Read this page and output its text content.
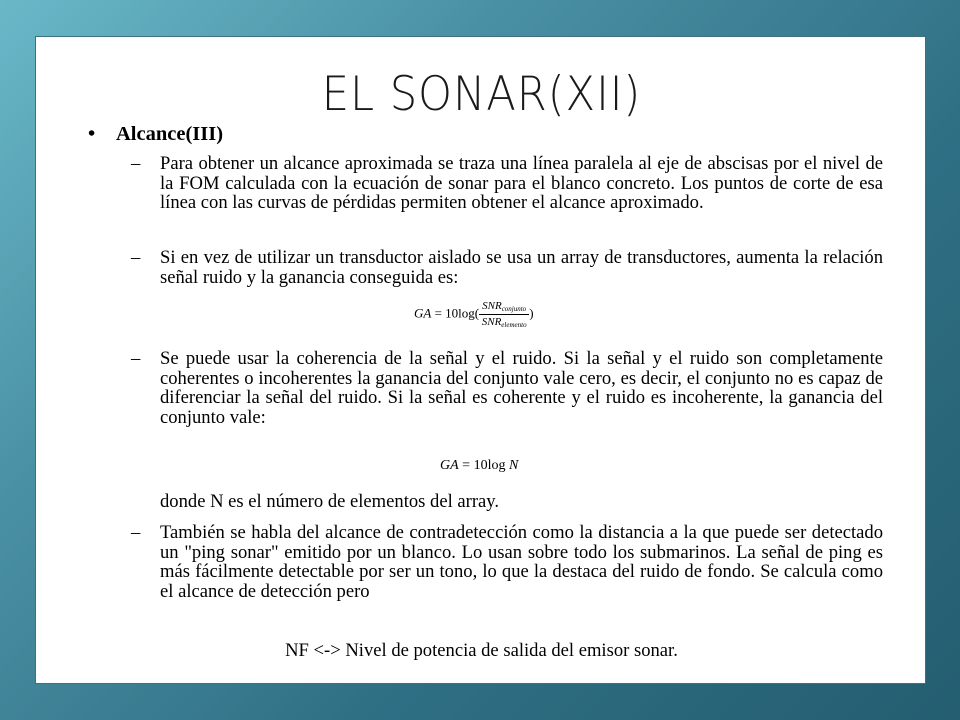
EL SONAR(XII)
• Alcance(III)
–	Para obtener un alcance aproximada se traza una línea paralela al eje de abscisas por el nivel de la FOM calculada con la ecuación de sonar para el blanco concreto. Los puntos de corte de esa línea con las curvas de pérdidas permiten obtener el alcance aproximado.
–	Si en vez de utilizar un transductor aislado se usa un array de transductores, aumenta la relación señal ruido y la ganancia conseguida es:
GA = $10\log( \frac{SNR_{conjunto}}{SNR_{elemento}}$ )
–	Se puede usar la coherencia de la señal y el ruido. Si la señal y el ruido son completamente coherentes o incoherentes la ganancia del conjunto vale cero, es decir, el conjunto no es capaz de diferenciar la señal del ruido. Si la señal es coherente y el ruido es incoherente, la ganancia del conjunto vale:
GA = 10log N
donde N es el número de elementos del array.
–	También se habla del alcance de contradetección como la distancia a la que puede ser detectado un "ping sonar" emitido por un blanco. Lo usan sobre todo los submarinos. La señal de ping es más fácilmente detectable por ser un tono, lo que la destaca del ruido de fondo. Se calcula como el alcance de detección pero
NF <-> Nivel de potencia de salida del emisor sonar.
